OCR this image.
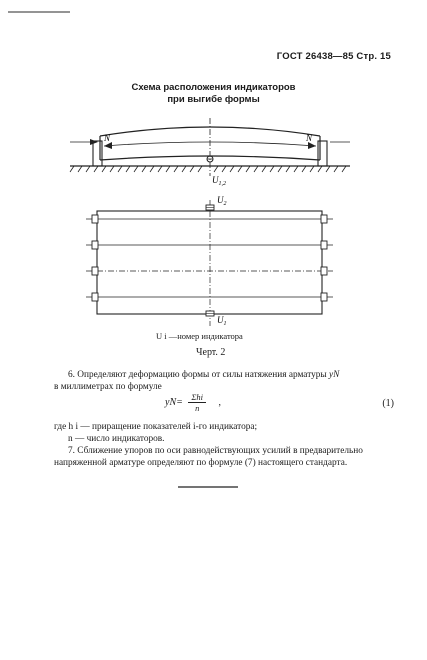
ГОСТ 26438—85 Стр. 15
Схема расположения индикаторов
при выгибе формы
N	N
$U_{1,2}$
$U_2$
$U_1$
U i —номер индикатора
Черт. 2
6. Определяют деформацию формы от силы натяжения арматуры yN
в миллиметрах по формуле
$yN= \frac{\text{Σhi}}{n}$ ,	(1)
где h i — приращение показателей i-го индикатора;
n — число индикаторов.
7. Сближение упоров по оси равнодействующих усилий в предварительно
напряженной арматуре определяют по формуле (7) настоящего стандарта.
